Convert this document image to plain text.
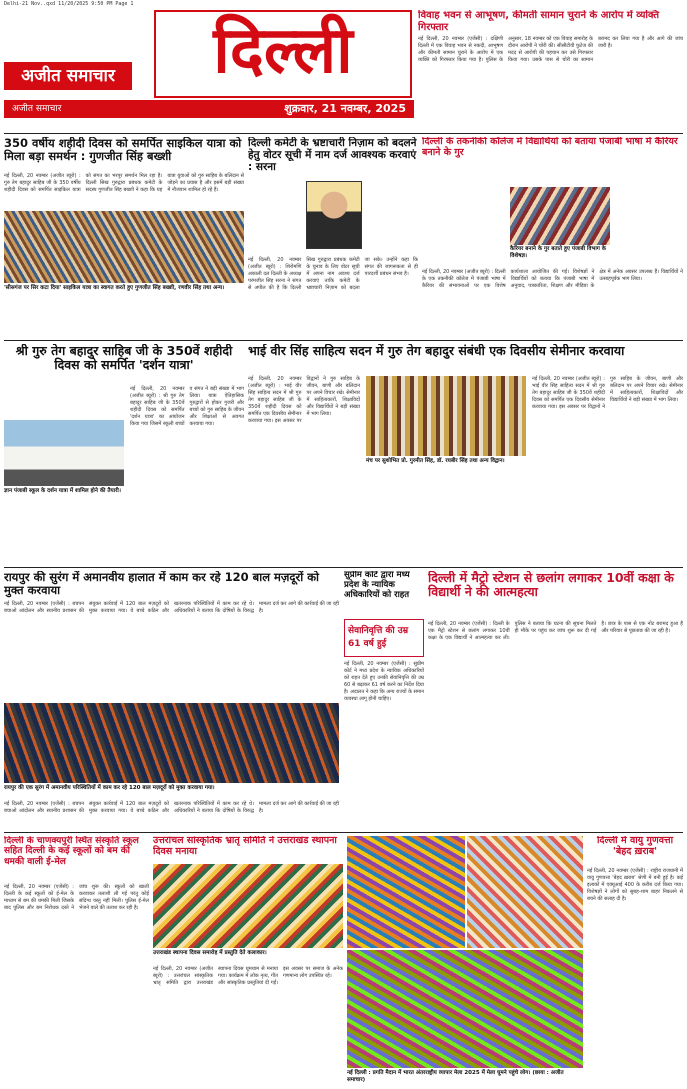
Delhi-21 Nov..qxd 11/20/2025 9:50 PM Page 1
अजीत समाचार	दिल्ली
अजीत समाचार	शुक्रवार, 21 नवम्बर, 2025
विवाह भवन से आभूषण, कीमती सामान चुराने के आरोप में व्यक्ति गिरफ्तार
नई दिल्ली, 20 नवम्बर (एजेंसी) : दक्षिणी दिल्ली में एक विवाह भवन से नकदी, आभूषण और कीमती सामान चुराने के आरोप में एक व्यक्ति को गिरफ्तार किया गया है। पुलिस के अनुसार, 18 नवम्बर को एक विवाह समारोह के दौरान आरोपी ने चोरी की। सीसीटीवी फुटेज की मदद से आरोपी की पहचान कर उसे गिरफ्तार किया गया। उसके पास से चोरी का सामान बरामद कर लिया गया है और आगे की जांच जारी है।
350 वर्षीय शहीदी दिवस को समर्पित साइकिल यात्रा को मिला बड़ा समर्थन : गुणजीत सिंह बख्शी
'सीसगंज पर सिर कटा दिया' साइकिल यात्रा का स्वागत करते हुए गुणजीत सिंह बख्शी, रणवीर सिंह तथा अन्य।
नई दिल्ली, 20 नवम्बर (अजीत ब्यूरो) : गुरु तेग बहादुर साहिब जी के 350 वर्षीय शहीदी दिवस को समर्पित साइकिल यात्रा को संगत का भरपूर समर्थन मिल रहा है। दिल्ली सिख गुरुद्वारा प्रबंधक कमेटी के सदस्य गुणजीत सिंह बख्शी ने कहा कि यह यात्रा युवाओं को गुरु साहिब के बलिदान से जोड़ने का प्रयास है और इसमें बड़ी संख्या में नौजवान शामिल हो रहे हैं।
दिल्ली कमेटी के भ्रष्टाचारी निज़ाम को बदलने हेतु वोटर सूची में नाम दर्ज आवश्यक करवाएं : सरना
नई दिल्ली, 20 नवम्बर (अजीत ब्यूरो) : शिरोमणि अकाली दल दिल्ली के अध्यक्ष परमजीत सिंह सरना ने संगत से अपील की है कि दिल्ली सिख गुरुद्वारा प्रबंधक कमेटी के चुनाव के लिए वोटर सूची में अपना नाम अवश्य दर्ज करवाएं ताकि कमेटी के भ्रष्टाचारी निज़ाम को बदला जा सके। उन्होंने कहा कि संगत की जागरूकता से ही पारदर्शी प्रबंधन संभव है।
दिल्ली के तकनीकी कॉलेज में विद्यार्थियों को बताया पंजाबी भाषा में कैरियर बनाने के गुर
कैरियर बनाने के गुर बताते हुए पंजाबी विभाग के विशेषज्ञ।
नई दिल्ली, 20 नवम्बर (अजीत ब्यूरो) : दिल्ली के एक तकनीकी कॉलेज में पंजाबी भाषा में कैरियर की संभावनाओं पर एक विशेष कार्यशाला आयोजित की गई। विशेषज्ञों ने विद्यार्थियों को बताया कि पंजाबी भाषा में अनुवाद, पत्रकारिता, शिक्षण और मीडिया के क्षेत्र में अनेक अवसर उपलब्ध हैं। विद्यार्थियों ने उत्साहपूर्वक भाग लिया।
श्री गुरु तेग बहादुर साहिब जी के 350वें शहीदी दिवस को समर्पित 'दर्शन यात्रा'
ज्ञान पंजाबी स्कूल के दर्शन यात्रा में शामिल होने की तैयारी।
नई दिल्ली, 20 नवम्बर (अजीत ब्यूरो) : श्री गुरु तेग बहादुर साहिब जी के 350वें शहीदी दिवस को समर्पित 'दर्शन यात्रा' का आयोजन किया गया जिसमें स्कूली बच्चों व संगत ने बड़ी संख्या में भाग लिया। यात्रा ऐतिहासिक गुरुद्वारों से होकर गुजरी और बच्चों को गुरु साहिब के जीवन और शिक्षाओं से अवगत करवाया गया।
भाई वीर सिंह साहित्य सदन में गुरु तेग बहादुर संबंधी एक दिवसीय सेमीनार करवाया
मंच पर सुशोभित प्रो. गुरमीत सिंह, डॉ. रघबीर सिंह तथा अन्य विद्वान।
नई दिल्ली, 20 नवम्बर (अजीत ब्यूरो) : भाई वीर सिंह साहित्य सदन में श्री गुरु तेग बहादुर साहिब जी के 350वें शहीदी दिवस को समर्पित एक दिवसीय सेमीनार करवाया गया। इस अवसर पर विद्वानों ने गुरु साहिब के जीवन, बाणी और बलिदान पर अपने विचार रखे। सेमीनार में साहित्यकारों, शिक्षाविदों और विद्यार्थियों ने बड़ी संख्या में भाग लिया।
नई दिल्ली, 20 नवम्बर (अजीत ब्यूरो) : भाई वीर सिंह साहित्य सदन में श्री गुरु तेग बहादुर साहिब जी के 350वें शहीदी दिवस को समर्पित एक दिवसीय सेमीनार करवाया गया। इस अवसर पर विद्वानों ने गुरु साहिब के जीवन, बाणी और बलिदान पर अपने विचार रखे। सेमीनार में साहित्यकारों, शिक्षाविदों और विद्यार्थियों ने बड़ी संख्या में भाग लिया।
रायपुर की सुरंग में अमानवीय हालात में काम कर रहे 120 बाल मज़दूरों को मुक्त करवाया
नई दिल्ली, 20 नवम्बर (एजेंसी) : बचपन बचाओ आंदोलन और स्थानीय प्रशासन की संयुक्त कार्रवाई में 120 बाल मज़दूरों को मुक्त करवाया गया। ये बच्चे कठिन और खतरनाक परिस्थितियों में काम कर रहे थे। अधिकारियों ने बताया कि दोषियों के विरुद्ध मामला दर्ज कर आगे की कार्रवाई की जा रही है।
रायपुर की एक सुरंग में अमानवीय परिस्थितियों में काम कर रहे 120 बाल मज़दूरों को मुक्त करवाया गया।
नई दिल्ली, 20 नवम्बर (एजेंसी) : बचपन बचाओ आंदोलन और स्थानीय प्रशासन की संयुक्त कार्रवाई में 120 बाल मज़दूरों को मुक्त करवाया गया। ये बच्चे कठिन और खतरनाक परिस्थितियों में काम कर रहे थे। अधिकारियों ने बताया कि दोषियों के विरुद्ध मामला दर्ज कर आगे की कार्रवाई की जा रही है।
सुप्रीम कोर्ट द्वारा मध्य प्रदेश के न्यायिक अधिकारियों को राहत
सेवानिवृत्ति की उम्र 61 वर्ष हुई
नई दिल्ली, 20 नवम्बर (एजेंसी) : सुप्रीम कोर्ट ने मध्य प्रदेश के न्यायिक अधिकारियों को राहत देते हुए उनकी सेवानिवृत्ति की उम्र 60 से बढ़ाकर 61 वर्ष करने का निर्देश दिया है। अदालत ने कहा कि अन्य राज्यों के समान व्यवस्था लागू होनी चाहिए।
दिल्ली में मैट्रो स्टेशन से छलांग लगाकर 10वीं कक्षा के विद्यार्थी ने की आत्महत्या
नई दिल्ली, 20 नवम्बर (एजेंसी) : दिल्ली के एक मैट्रो स्टेशन से छलांग लगाकर 10वीं कक्षा के एक विद्यार्थी ने आत्महत्या कर ली। पुलिस ने बताया कि घटना की सूचना मिलते ही मौके पर पहुंच कर जांच शुरू कर दी गई है। छात्र के पास से एक नोट बरामद हुआ है और परिवार से पूछताछ की जा रही है।
दिल्ली के चाणक्यपुरी स्थित संस्कृति स्कूल सहित दिल्ली के कई स्कूलों को बम की धमकी वाली ई-मेल
नई दिल्ली, 20 नवम्बर (एजेंसी) : दिल्ली के कई स्कूलों को ई-मेल के माध्यम से बम की धमकी मिली जिसके बाद पुलिस और बम निरोधक दस्ते ने जांच शुरू की। स्कूलों को खाली करवाकर तलाशी ली गई परंतु कोई संदिग्ध वस्तु नहीं मिली। पुलिस ई-मेल भेजने वाले की तलाश कर रही है।
उत्तरांचल सांस्कृतिक भ्रातृ समिति ने उत्तराखंड स्थापना दिवस मनाया
उत्तराखंड स्थापना दिवस समारोह में प्रस्तुति देते कलाकार।
नई दिल्ली, 20 नवम्बर (अजीत ब्यूरो) : उत्तरांचल सांस्कृतिक भ्रातृ समिति द्वारा उत्तराखंड स्थापना दिवस धूमधाम से मनाया गया। कार्यक्रम में लोक नृत्य, गीत और सांस्कृतिक प्रस्तुतियां दी गईं। इस अवसर पर समाज के अनेक गणमान्य लोग उपस्थित रहे।
नई दिल्ली : प्रगति मैदान में भारत अंतरराष्ट्रीय व्यापार मेला 2025 में मेला घूमने पहुंचे लोग। (छाया : अजीत समाचार)
दिल्ली में वायु गुणवत्ता 'बेहद ख़राब'
नई दिल्ली, 20 नवम्बर (एजेंसी) : राष्ट्रीय राजधानी में वायु गुणवत्ता 'बेहद ख़राब' श्रेणी में बनी हुई है। कई इलाकों में एक्यूआई 400 के करीब दर्ज किया गया। विशेषज्ञों ने लोगों को सुबह-शाम बाहर निकलने से बचने की सलाह दी है।
